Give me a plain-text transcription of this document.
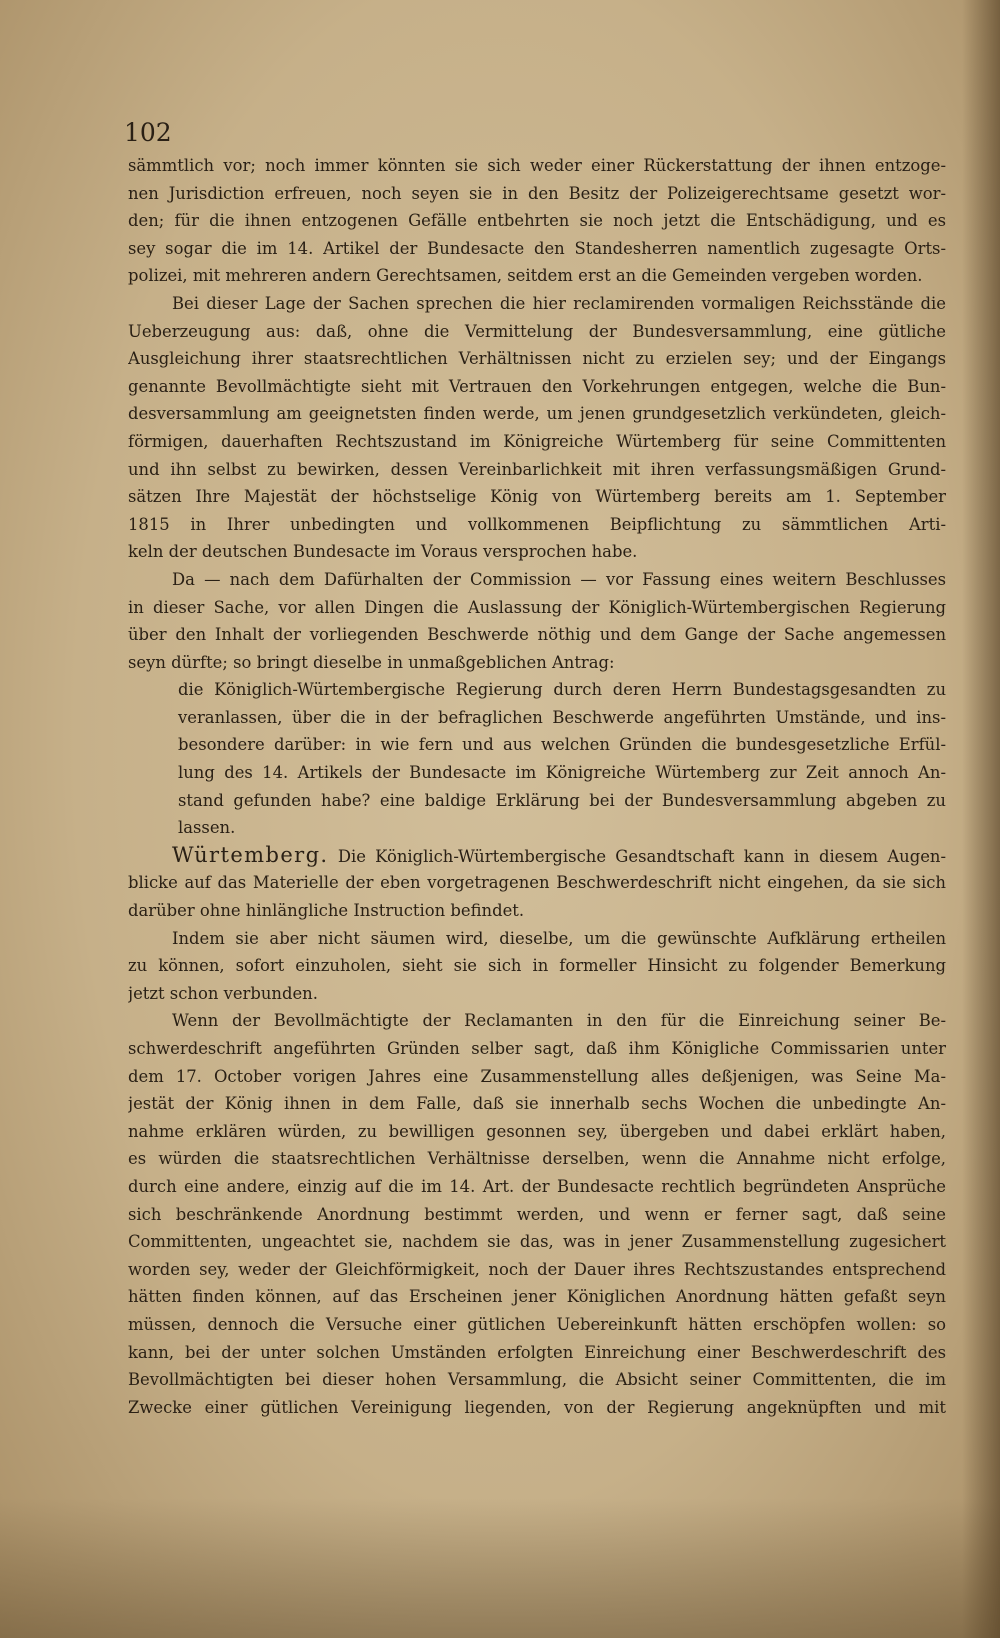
102
sämmtlich vor; noch immer könnten sie sich weder einer Rückerstattung der ihnen entzoge-
nen Jurisdiction erfreuen, noch seyen sie in den Besitz der Polizeigerechtsame gesetzt wor-
den; für die ihnen entzogenen Gefälle entbehrten sie noch jetzt die Entschädigung, und es
sey sogar die im 14. Artikel der Bundesacte den Standesherren namentlich zugesagte Orts-
polizei, mit mehreren andern Gerechtsamen, seitdem erst an die Gemeinden vergeben worden.
Bei dieser Lage der Sachen sprechen die hier reclamirenden vormaligen Reichsstände die
Ueberzeugung aus: daß, ohne die Vermittelung der Bundesversammlung, eine gütliche
Ausgleichung ihrer staatsrechtlichen Verhältnissen nicht zu erzielen sey; und der Eingangs
genannte Bevollmächtigte sieht mit Vertrauen den Vorkehrungen entgegen, welche die Bun-
desversammlung am geeignetsten finden werde, um jenen grundgesetzlich verkündeten, gleich-
förmigen, dauerhaften Rechtszustand im Königreiche Würtemberg für seine Committenten
und ihn selbst zu bewirken, dessen Vereinbarlichkeit mit ihren verfassungsmäßigen Grund-
sätzen Ihre Majestät der höchstselige König von Würtemberg bereits am 1. September
1815 in Ihrer unbedingten und vollkommenen Beipflichtung zu sämmtlichen Arti-
keln der deutschen Bundesacte im Voraus versprochen habe.
Da — nach dem Dafürhalten der Commission — vor Fassung eines weitern Beschlusses
in dieser Sache, vor allen Dingen die Auslassung der Königlich-Würtembergischen Regierung
über den Inhalt der vorliegenden Beschwerde nöthig und dem Gange der Sache angemessen
seyn dürfte; so bringt dieselbe in unmaßgeblichen Antrag:
die Königlich-Würtembergische Regierung durch deren Herrn Bundestagsgesandten zu
veranlassen, über die in der befraglichen Beschwerde angeführten Umstände, und ins-
besondere darüber: in wie fern und aus welchen Gründen die bundesgesetzliche Erfül-
lung des 14. Artikels der Bundesacte im Königreiche Würtemberg zur Zeit annoch An-
stand gefunden habe? eine baldige Erklärung bei der Bundesversammlung abgeben zu
lassen.
Würtemberg. Die Königlich-Würtembergische Gesandtschaft kann in diesem Augen-
blicke auf das Materielle der eben vorgetragenen Beschwerdeschrift nicht eingehen, da sie sich
darüber ohne hinlängliche Instruction befindet.
Indem sie aber nicht säumen wird, dieselbe, um die gewünschte Aufklärung ertheilen
zu können, sofort einzuholen, sieht sie sich in formeller Hinsicht zu folgender Bemerkung
jetzt schon verbunden.
Wenn der Bevollmächtigte der Reclamanten in den für die Einreichung seiner Be-
schwerdeschrift angeführten Gründen selber sagt, daß ihm Königliche Commissarien unter
dem 17. October vorigen Jahres eine Zusammenstellung alles deßjenigen, was Seine Ma-
jestät der König ihnen in dem Falle, daß sie innerhalb sechs Wochen die unbedingte An-
nahme erklären würden, zu bewilligen gesonnen sey, übergeben und dabei erklärt haben,
es würden die staatsrechtlichen Verhältnisse derselben, wenn die Annahme nicht erfolge,
durch eine andere, einzig auf die im 14. Art. der Bundesacte rechtlich begründeten Ansprüche
sich beschränkende Anordnung bestimmt werden, und wenn er ferner sagt, daß seine
Committenten, ungeachtet sie, nachdem sie das, was in jener Zusammenstellung zugesichert
worden sey, weder der Gleichförmigkeit, noch der Dauer ihres Rechtszustandes entsprechend
hätten finden können, auf das Erscheinen jener Königlichen Anordnung hätten gefaßt seyn
müssen, dennoch die Versuche einer gütlichen Uebereinkunft hätten erschöpfen wollen: so
kann, bei der unter solchen Umständen erfolgten Einreichung einer Beschwerdeschrift des
Bevollmächtigten bei dieser hohen Versammlung, die Absicht seiner Committenten, die im
Zwecke einer gütlichen Vereinigung liegenden, von der Regierung angeknüpften und mit
